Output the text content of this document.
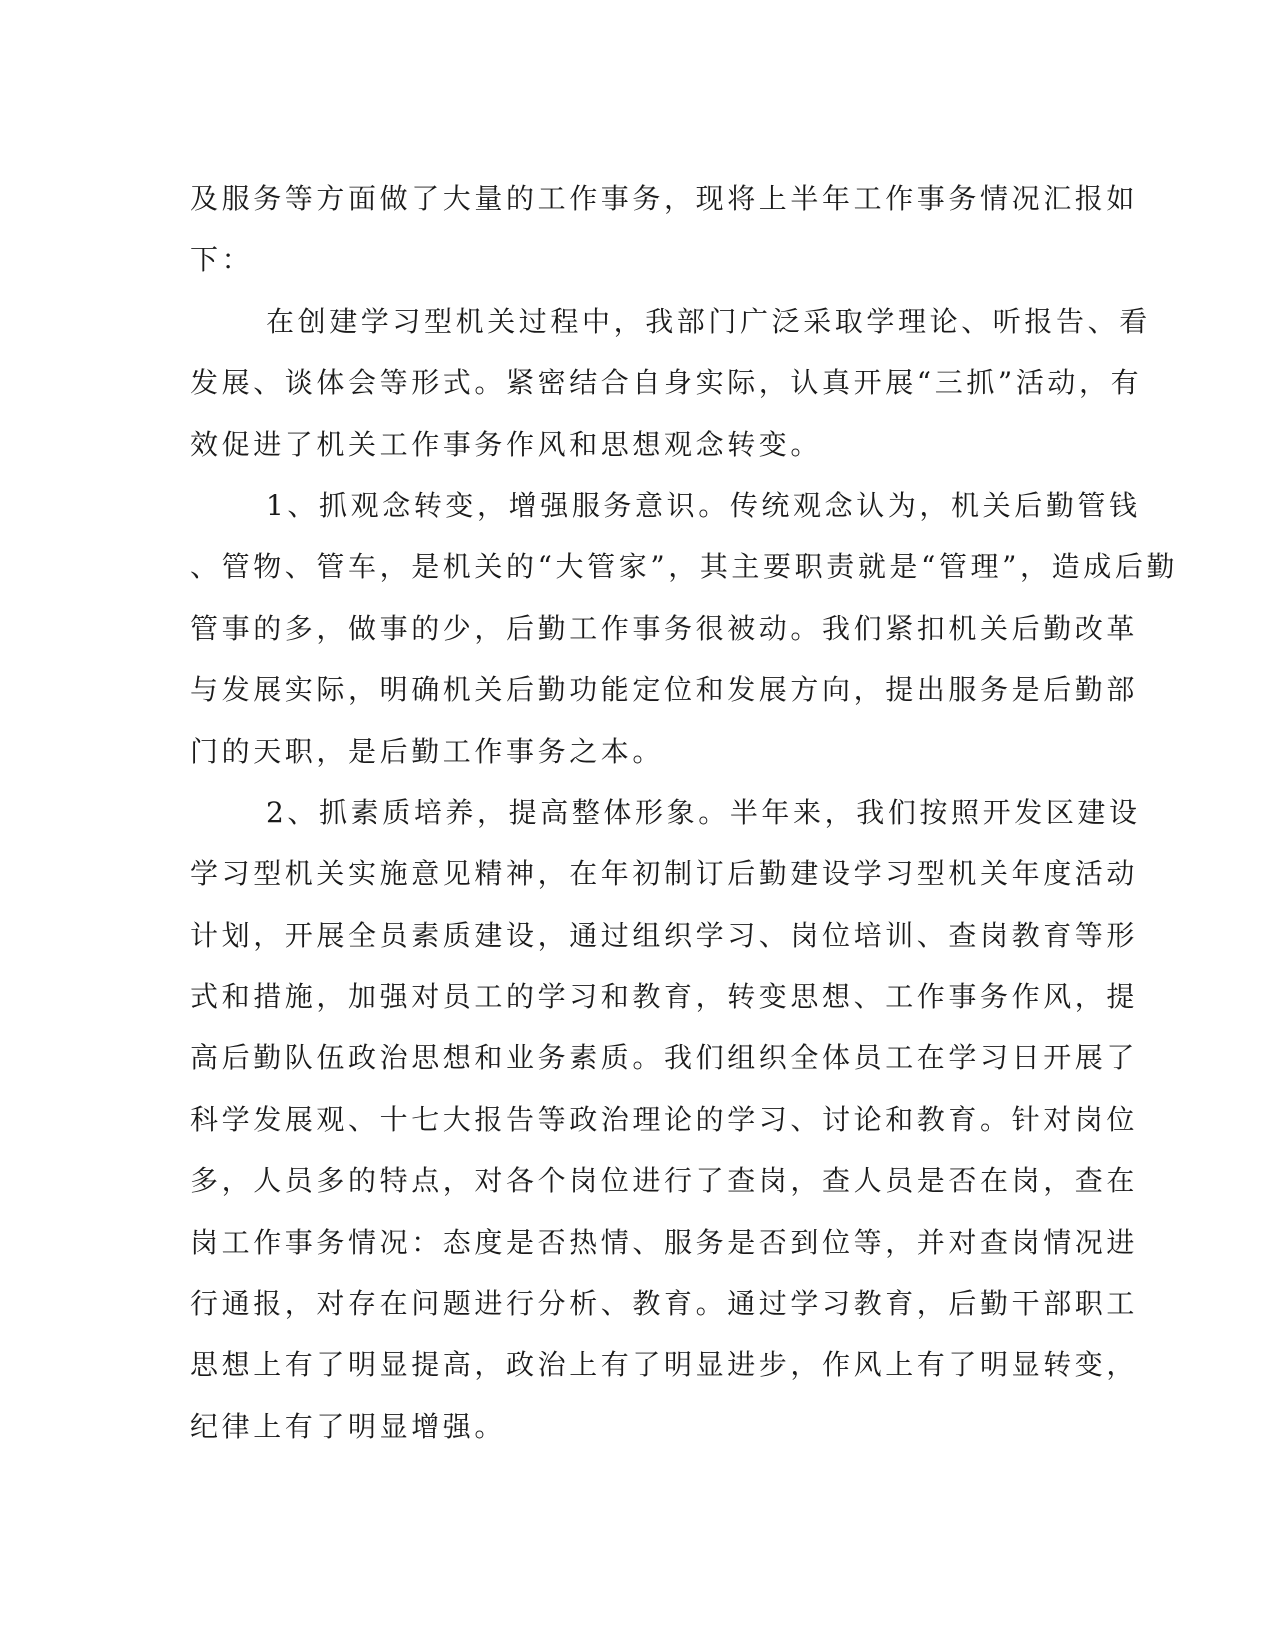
及服务等方面做了大量的工作事务，现将上半年工作事务情况汇报如
下：
在创建学习型机关过程中，我部门广泛采取学理论、听报告、看
发展、谈体会等形式。紧密结合自身实际，认真开展“三抓”活动，有
效促进了机关工作事务作风和思想观念转变。
1、抓观念转变，增强服务意识。传统观念认为，机关后勤管钱
、管物、管车，是机关的“大管家”，其主要职责就是“管理”，造成后勤
管事的多，做事的少，后勤工作事务很被动。我们紧扣机关后勤改革
与发展实际，明确机关后勤功能定位和发展方向，提出服务是后勤部
门的天职，是后勤工作事务之本。
2、抓素质培养，提高整体形象。半年来，我们按照开发区建设
学习型机关实施意见精神，在年初制订后勤建设学习型机关年度活动
计划，开展全员素质建设，通过组织学习、岗位培训、查岗教育等形
式和措施，加强对员工的学习和教育，转变思想、工作事务作风，提
高后勤队伍政治思想和业务素质。我们组织全体员工在学习日开展了
科学发展观、十七大报告等政治理论的学习、讨论和教育。针对岗位
多，人员多的特点，对各个岗位进行了查岗，查人员是否在岗，查在
岗工作事务情况：态度是否热情、服务是否到位等，并对查岗情况进
行通报，对存在问题进行分析、教育。通过学习教育，后勤干部职工
思想上有了明显提高，政治上有了明显进步，作风上有了明显转变，
纪律上有了明显增强。
